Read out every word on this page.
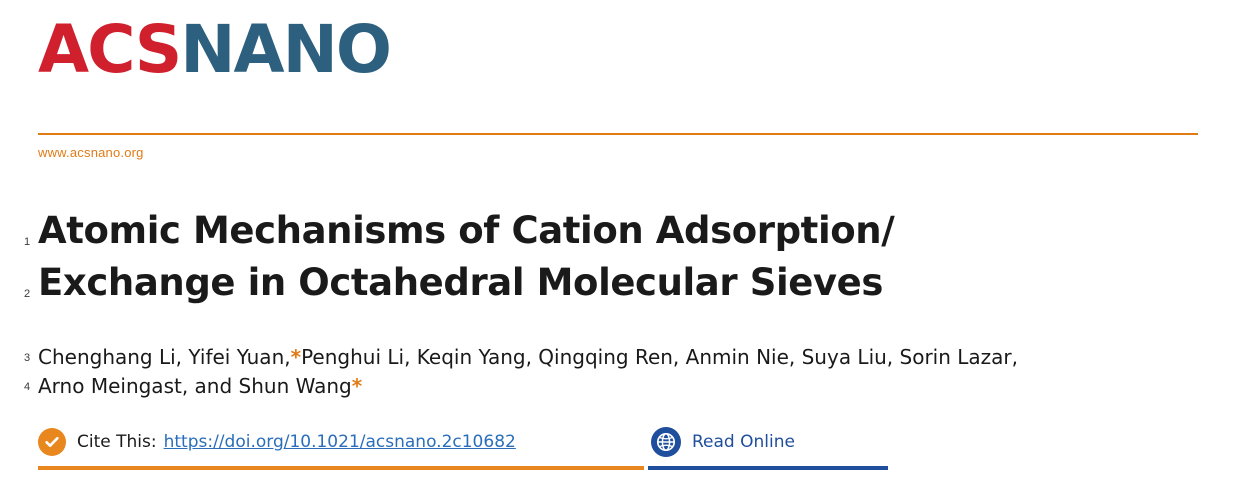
ACSNANO
www.acsnano.org
1 Atomic Mechanisms of Cation Adsorption/
2 Exchange in Octahedral Molecular Sieves
3 Chenghang Li, Yifei Yuan, * Penghui Li, Keqin Yang, Qingqing Ren, Anmin Nie, Suya Liu, Sorin Lazar,
4 Arno Meingast, and Shun Wang *
Cite This: https://doi.org/10.1021/acsnano.2c10682	Read Online
